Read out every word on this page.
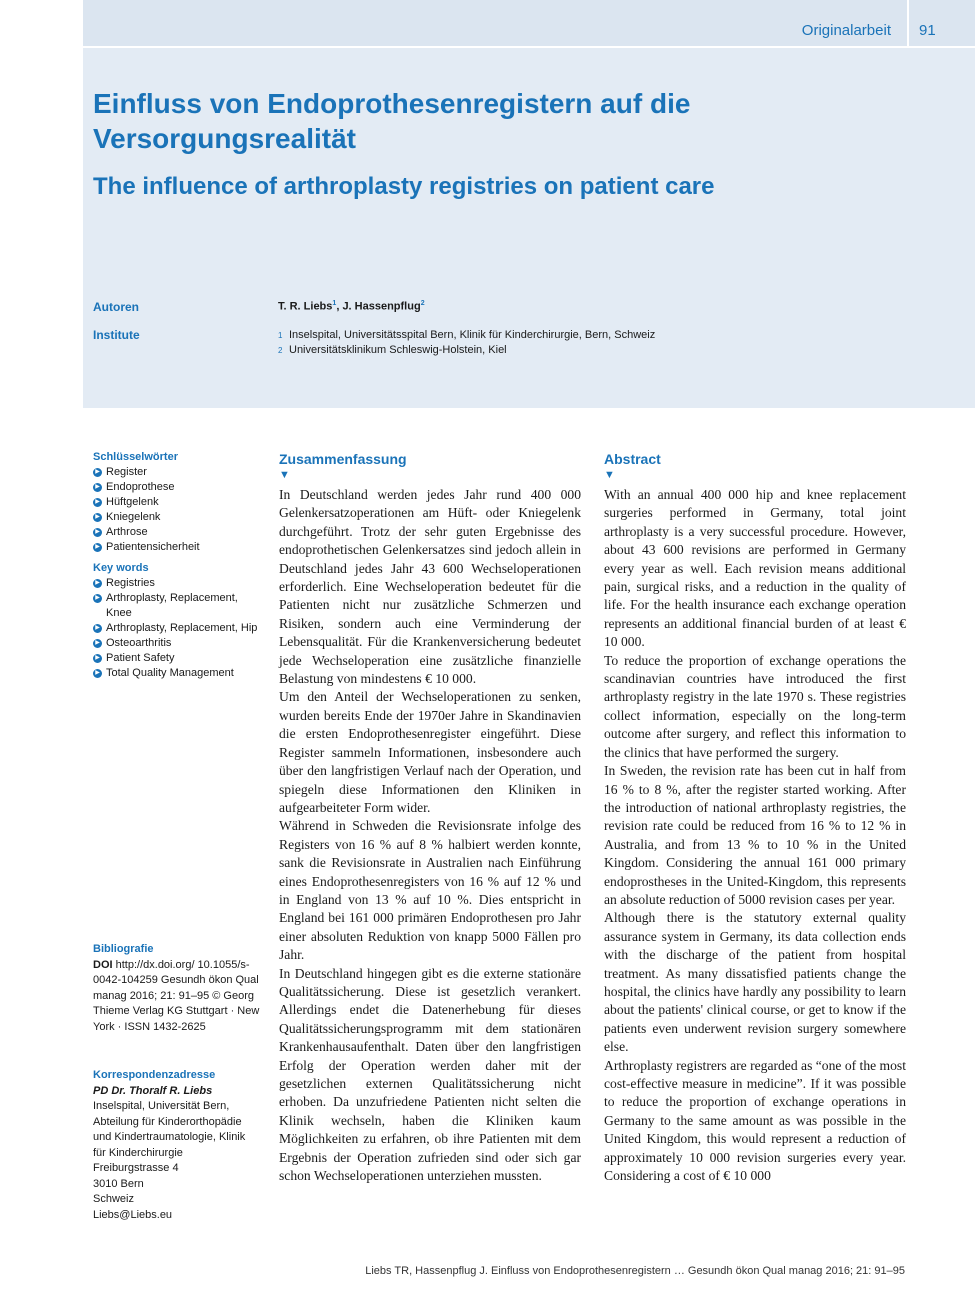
Originalarbeit 91
Einfluss von Endoprothesenregistern auf die Versorgungsrealität
The influence of arthroplasty registries on patient care
Autoren	T. R. Liebs$^1$, J. Hassenpflug$^2$
Institute	1 Inselspital, Universitätsspital Bern, Klinik für Kinderchirurgie, Bern, Schweiz
2 Universitätsklinikum Schleswig-Holstein, Kiel
Schlüsselwörter
▶ Register
▶ Endoprothese
▶ Hüftgelenk
▶ Kniegelenk
▶ Arthrose
▶ Patientensicherheit
Key words
▶ Registries
▶ Arthroplasty, Replacement, Knee
▶ Arthroplasty, Replacement, Hip
▶ Osteoarthritis
▶ Patient Safety
▶ Total Quality Management
Bibliografie
DOI http://dx.doi.org/ 10.1055/s-0042-104259 Gesundh ökon Qual manag 2016; 21: 91–95 © Georg Thieme Verlag KG Stuttgart · New York · ISSN 1432-2625
Korrespondenzadresse
PD Dr. Thoralf R. Liebs
Inselspital, Universität Bern,
Abteilung für Kinderorthopädie
und Kindertraumatologie, Klinik
für Kinderchirurgie
Freiburgstrasse 4
3010 Bern
Schweiz
Liebs@Liebs.eu
Zusammenfassung
▼

In Deutschland werden jedes Jahr rund 400 000 Gelenkersatzoperationen am Hüft- oder Kniegelenk durchgeführt. Trotz der sehr guten Ergebnisse des endoprothetischen Gelenkersatzes sind jedoch allein in Deutschland jedes Jahr 43 600 Wechseloperationen erforderlich. Eine Wechseloperation bedeutet für die Patienten nicht nur zusätzliche Schmerzen und Risiken, sondern auch eine Verminderung der Lebensqualität. Für die Krankenversicherung bedeutet jede Wechseloperation eine zusätzliche finanzielle Belastung von mindestens € 10 000.

Um den Anteil der Wechseloperationen zu senken, wurden bereits Ende der 1970er Jahre in Skandinavien die ersten Endoprothesenregister eingeführt. Diese Register sammeln Informationen, insbesondere auch über den langfristigen Verlauf nach der Operation, und spiegeln diese Informationen den Kliniken in aufgearbeiteter Form wider.

Während in Schweden die Revisionsrate infolge des Registers von 16 % auf 8 % halbiert werden konnte, sank die Revisionsrate in Australien nach Einführung eines Endoprothesenregisters von 16 % auf 12 % und in England von 13 % auf 10 %. Dies entspricht in England bei 161 000 primären Endoprothesen pro Jahr einer absoluten Reduktion von knapp 5000 Fällen pro Jahr.

In Deutschland hingegen gibt es die externe stationäre Qualitätssicherung. Diese ist gesetzlich verankert. Allerdings endet die Datenerhebung für dieses Qualitätssicherungsprogramm mit dem stationären Krankenhausaufenthalt. Daten über den langfristigen Erfolg der Operation werden daher mit der gesetzlichen externen Qualitätssicherung nicht erhoben. Da unzufriedene Patienten nicht selten die Klinik wechseln, haben die Kliniken kaum Möglichkeiten zu erfahren, ob ihre Patienten mit dem Ergebnis der Operation zufrieden sind oder sich gar schon Wechseloperationen unterziehen mussten.

Abstract
▼

With an annual 400 000 hip and knee replacement surgeries performed in Germany, total joint arthroplasty is a very successful procedure. However, about 43 600 revisions are performed in Germany every year as well. Each revision means additional pain, surgical risks, and a reduction in the quality of life. For the health insurance each exchange operation represents an additional financial burden of at least € 10 000.

To reduce the proportion of exchange operations the scandinavian countries have introduced the first arthroplasty registry in the late 1970 s. These registries collect information, especially on the long-term outcome after surgery, and reflect this information to the clinics that have performed the surgery.

In Sweden, the revision rate has been cut in half from 16 % to 8 %, after the register started working. After the introduction of national arthroplasty registries, the revision rate could be reduced from 16 % to 12 % in Australia, and from 13 % to 10 % in the United Kingdom. Considering the annual 161 000 primary endoprostheses in the United-Kingdom, this represents an absolute reduction of 5000 revision cases per year.

Although there is the statutory external quality assurance system in Germany, its data collection ends with the discharge of the patient from hospital treatment. As many dissatisfied patients change the hospital, the clinics have hardly any possibility to learn about the patients' clinical course, or get to know if the patients even underwent revision surgery somewhere else.

Arthroplasty registrers are regarded as “one of the most cost-effective measure in medicine”. If it was possible to reduce the proportion of exchange operations in Germany to the same amount as was possible in the United Kingdom, this would represent a reduction of approximately 10 000 revision surgeries every year. Considering a cost of € 10 000

Liebs TR, Hassenpflug J. Einfluss von Endoprothesenregistern … Gesundh ökon Qual manag 2016; 21: 91–95
